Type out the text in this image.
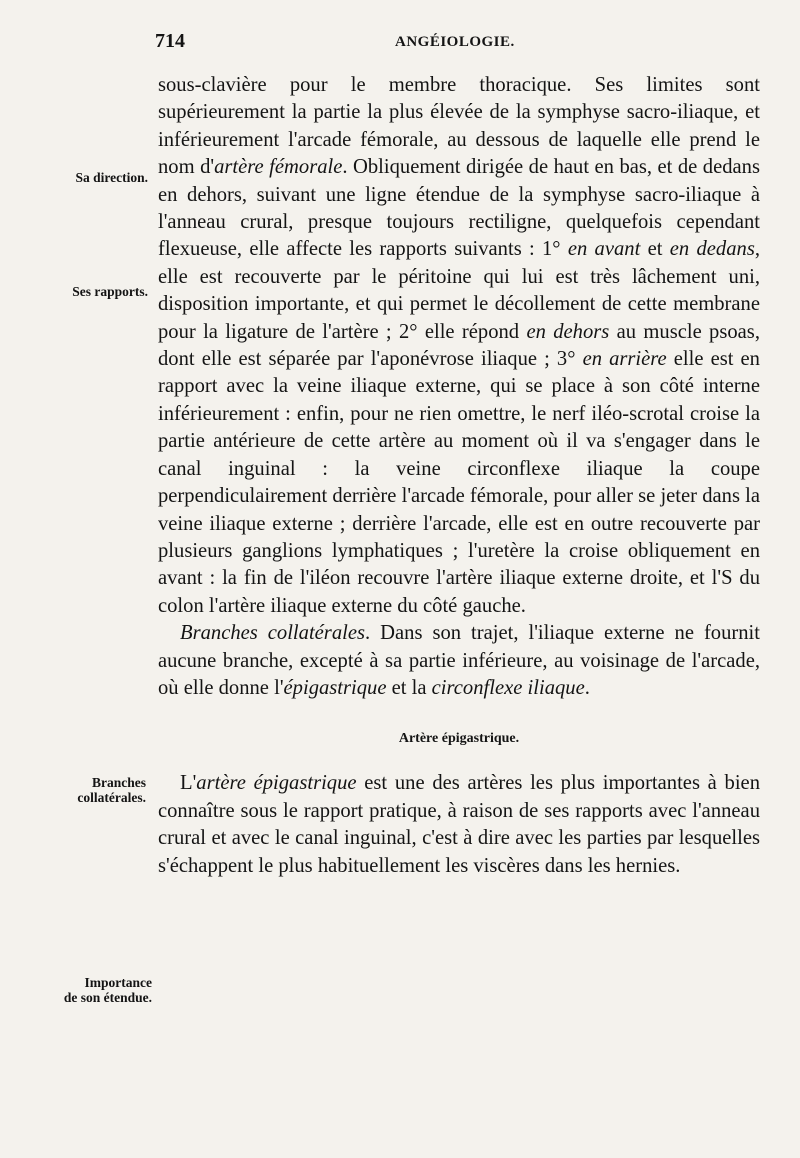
714	ANGÉIOLOGIE.
Sa direction.
Ses rapports.
Branches
collatérales.
Importance
de son étendue.

sous-clavière pour le membre thoracique. Ses limites sont supérieurement la partie la plus élevée de la symphyse sacro-iliaque, et inférieurement l'arcade fémorale, au dessous de laquelle elle prend le nom d'artère fémorale. Obliquement dirigée de haut en bas, et de dedans en dehors, suivant une ligne étendue de la symphyse sacro-iliaque à l'anneau crural, presque toujours rectiligne, quelquefois cependant flexueuse, elle affecte les rapports suivants : 1° en avant et en dedans, elle est recouverte par le péritoine qui lui est très lâchement uni, disposition importante, et qui permet le décollement de cette membrane pour la ligature de l'artère ; 2° elle répond en dehors au muscle psoas, dont elle est séparée par l'aponévrose iliaque ; 3° en arrière elle est en rapport avec la veine iliaque externe, qui se place à son côté interne inférieurement : enfin, pour ne rien omettre, le nerf iléo-scrotal croise la partie antérieure de cette artère au moment où il va s'engager dans le canal inguinal : la veine circonflexe iliaque la coupe perpendiculairement derrière l'arcade fémorale, pour aller se jeter dans la veine iliaque externe ; derrière l'arcade, elle est en outre recouverte par plusieurs ganglions lymphatiques ; l'uretère la croise obliquement en avant : la fin de l'iléon recouvre l'artère iliaque externe droite, et l'S du colon l'artère iliaque externe du côté gauche.

Branches collatérales. Dans son trajet, l'iliaque externe ne fournit aucune branche, excepté à sa partie inférieure, au voisinage de l'arcade, où elle donne l'épigastrique et la circonflexe iliaque.

Artère épigastrique.

L'artère épigastrique est une des artères les plus importantes à bien connaître sous le rapport pratique, à raison de ses rapports avec l'anneau crural et avec le canal inguinal, c'est à dire avec les parties par lesquelles s'échappent le plus habituellement les viscères dans les hernies.
